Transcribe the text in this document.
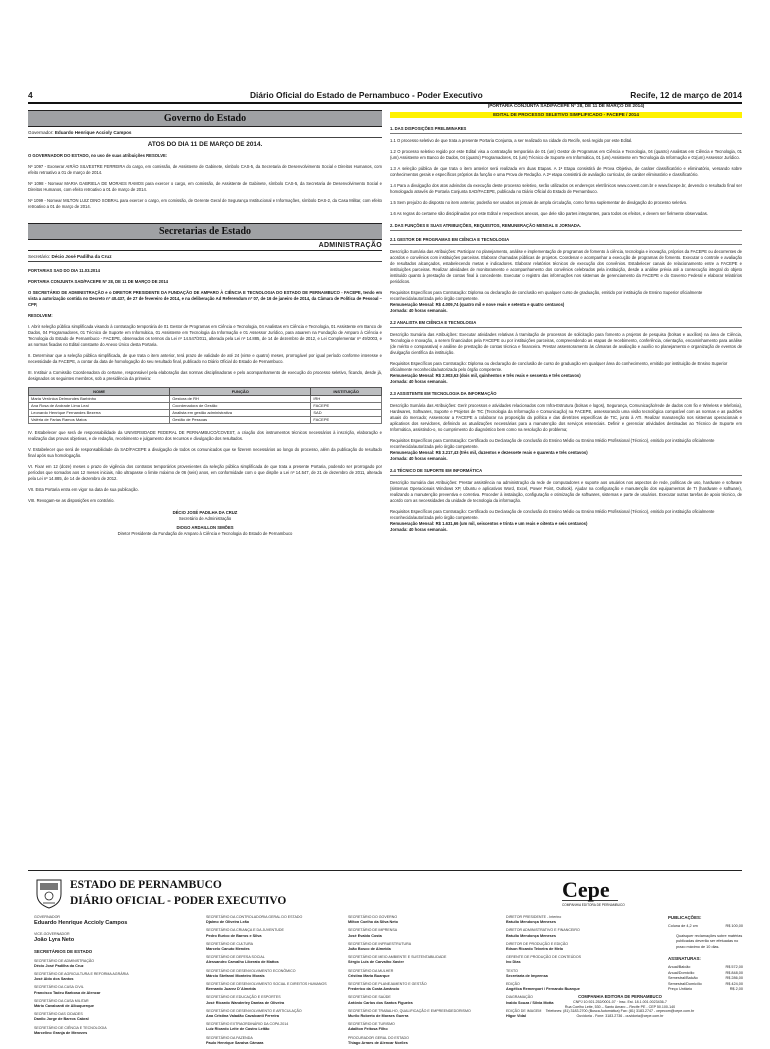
4	Diário Oficial do Estado de Pernambuco - Poder Executivo	Recife, 12 de março de 2014
Governo do Estado
Governador: Eduardo Henrique Accioly Campos
ATOS DO DIA 11 DE MARÇO DE 2014.

O GOVERNADOR DO ESTADO, no uso de suas atribuições RESOLVE:

Nº 1097 - Exonerar AIRÃO SILVESTRE FERREIRA do cargo, em comissão, de Assistente de Gabinete, símbolo CAS-5, da Secretaria de Desenvolvimento Social e Direitos Humanos, com efeito retroativo a 01 de março de 2014.

Nº 1098 - Nomear MARIA GABRIELA DE MORAES RAMOS para exercer o cargo, em comissão, de Assistente de Gabinete, símbolo CAS-5, da Secretaria de Desenvolvimento Social e Direitos Humanos, com efeito retroativo a 01 de março de 2014.

Nº 1099 - Nomear MILTON LUIZ DINO SOBRAL para exercer o cargo, em comissão, de Gerente Geral de Segurança Institucional e Informações, símbolo DAS-2, da Casa Militar, com efeito retroativo a 01 de março de 2014.

Secretarias de Estado
ADMINISTRAÇÃO
Secretário: Décio José Padilha da Cruz

PORTARIAS SAD DO DIA 11.03.2014

PORTARIA CONJUNTA SAD/FACEPE Nº 28, DE 11 DE MARÇO DE 2014

O SECRETÁRIO DE ADMINISTRAÇÃO e o DIRETOR PRESIDENTE DA FUNDAÇÃO DE AMPARO À CIÊNCIA E TECNOLOGIA DO ESTADO DE PERNAMBUCO - FACEPE, tendo em vista a autorização contida no Decreto nº 40.437, de 27 de fevereiro de 2014, e na deliberação Ad Referendum nº 07, de 16 de janeiro de 2014, da Câmara de Política de Pessoal – CPP,

RESOLVEM:

I. Abrir seleção pública simplificada visando à contratação temporária de 01 Gestor de Programas em Ciência e Tecnologia, 04 Analistas em Ciência e Tecnologia, 01 Assistente em Banco de Dados, 04 Programadores, 01 Técnico de Suporte em Informática, 01 Assistente em Tecnologia da Informação e 01 Assessor Jurídico, para atuarem na Fundação de Amparo à Ciência e Tecnologia do Estado de Pernambuco - FACEPE, observados os termos da Lei nº 14.547/2011, alterada pela Lei nº 14.885, de 14 de dezembro de 2012, e Lei Complementar nº 49/2003, e as normas fixadas no Edital constante do Anexo Único desta Portaria.

II. Determinar que a seleção pública simplificada, de que trata o item anterior, terá prazo de validade de até 24 (vinte e quatro) meses, prorrogável por igual período conforme interesse e necessidade da FACEPE, a contar da data de homologação do seu resultado final, publicado no Diário Oficial do Estado de Pernambuco.

III. Instituir a Comissão Coordenadora do certame, responsável pela elaboração das normas disciplinadoras e pelo acompanhamento de execução do processo seletivo, ficando, desde já, designados os seguintes membros, sob a presidência da primeira:

NOME	FUNÇÃO	INSTITUIÇÃO
Maria Verônica Delmondes Barbinho	Gestora de RH	IRH
Ana Rosa de Andrade Lima Leal	Coordenadora de Gestão	FACEPE
Leonardo Henrique Fernandes Bezerra	Analista em gestão administrativa	SAD
Valéria de Farias Ramos Matos	Gestão de Pessoas	FACEPE

IV. Estabelecer que será de responsabilidade da UNIVERSIDADE FEDERAL DE PERNAMBUCO/COVEST, a criação dos instrumentos técnicos necessários à inscrição, elaboração e realização das provas objetivas, e de redação, recebimento e julgamento dos recursos e divulgação dos resultados.

V. Estabelecer que será de responsabilidade da SAD/FACEPE a divulgação de todos os comunicados que se fizerem necessários ao longo do processo, além da publicação do resultado final após sua homologação.

VI. Fixar em 12 (doze) meses o prazo de vigência dos contratos temporários provenientes da seleção pública simplificada de que trata a presente Portaria, podendo ser prorrogado por períodos que somados aos 12 meses iniciais, não ultrapasse o limite máximo de 06 (seis) anos, em conformidade com o que dispõe a Lei nº 14.547, de 21 de dezembro de 2011, alterada pela Lei nº 14.885, de 14 de dezembro de 2012.

VII. Esta Portaria entra em vigor na data de sua publicação.

VIII. Revogam-se as disposições em contrário.

DÉCIO JOSÉ PADILHA DA CRUZ
Secretário de Administração
DIOGO ARDAILLON SIMÕES
Diretor Presidente da Fundação de Amparo à Ciência e Tecnologia do Estado de Pernambuco
(PORTARIA CONJUNTA SAD/FACEPE Nº 28, DE 11 DE MARÇO DE 2014)
EDITAL DE PROCESSO SELETIVO SIMPLIFICADO - FACEPE / 2014
1. DAS DISPOSIÇÕES PRELIMINARES

1.1 O processo seletivo de que trata a presente Portaria Conjunta, a ser realizado na cidade do Recife, será regido por este Edital.

1.2 O processo seletivo regido por este Edital visa a contratação temporária de 01 (um) Gestor de Programas em Ciência e Tecnologia, 04 (quatro) Analistas em Ciência e Tecnologia, 01 (um) Assistente em Banco de Dados, 04 (quatro) Programadores, 01 (um) Técnico de Suporte em Informática, 01 (um) Assistente em Tecnologia da Informação e 01(um) Assessor Jurídico.

1.3 A seleção pública de que trata o item anterior será realizada em duas Etapas. A 1ª Etapa consistirá de Prova Objetiva, de caráter classificatório e eliminatório, versando sobre conhecimentos gerais e específicos próprios da função e uma Prova de Redação. A 2ª etapa consistirá de avaliação curricular, de caráter eliminatório e classificatório.

1.4 Para a divulgação dos atos advindos da execução deste processo seletivo, serão utilizados os endereços eletrônicos www.covest.com.br e www.facepe.br, devendo o resultado final ser homologado através de Portaria Conjunta SAD/FACEPE, publicada no Diário Oficial do Estado de Pernambuco.

1.5 Sem prejuízo do disposto no item anterior, poderão ser usados os jornais de ampla circulação, como forma suplementar de divulgação do processo seletivo.

1.6 As regras do certame são disciplinadas por este Edital e respectivos anexos, que dele são partes integrantes, para todos os efeitos, e devem ser fielmente observadas.

2. DAS FUNÇÕES E SUAS ATRIBUIÇÕES, REQUISITOS, REMUNERAÇÃO MENSAL E JORNADA.
2.1 GESTOR DE PROGRAMAS EM CIÊNCIA E TECNOLOGIA

Descrição Sumária das Atribuições: Participar no planejamento, análise e implementação de programas de fomento à ciência, tecnologia e inovação, próprios da FACEPE ou decorrentes de acordos e convênios com instituições parceiras. Elaborar chamadas públicas de projetos. Coordenar e acompanhar a execução de programas de fomento. Executar o controle e avaliação de resultados alcançados, estabelecendo metas e indicadores. Elaborar relatórios técnicos de execução dos convênios. Estabelecer canais de relacionamento entre a FACEPE e instituições parceiras. Realizar atividades de monitoramento e acompanhamento dos convênios celebrados pela instituição, desde a análise prévia até a consecução integral do objeto instituído quanto à prestação de contas final à concedente. Executar o registro das informações nos sistemas de gerenciamento da FACEPE e do Governo Federal e elaborar relatórios periódicos.

Requisitos Específicos para Contratação: Diploma ou declaração de conclusão em qualquer curso de graduação, emitido por instituição de Ensino Superior oficialmente reconhecida/autorizada pelo órgão competente.
Remuneração Mensal: R$ 4.009,74 (quatro mil e nove reais e setenta e quatro centavos)
Jornada: 40 horas semanais.
2.2 ANALISTA EM CIÊNCIA E TECNOLOGIA

Descrição Sumária das Atribuições: Executar atividades relativas à tramitação de processos de solicitação para fomento a projetos de pesquisa (bolsas e auxílios) na área de Ciência, Tecnologia e Inovação, a serem financiados pela FACEPE ou por instituições parceiras, compreendendo as etapas de recebimento, conferência, orientação, encaminhamento para análise (de mérito e comparativa) e análise de prestação de contas técnica e financeira. Prestar assessoramento às câmaras de avaliação e auxílio no planejamento e organização de eventos de divulgação científica da instituição.

Requisitos Específicos para Contratação: Diploma ou declaração de conclusão de curso de graduação em qualquer área do conhecimento, emitido por instituição de Ensino Superior oficialmente reconhecida/autorizada pelo órgão competente.
Remuneração Mensal: R$ 2.903,63 (dois mil, quinhentos e três reais e sessenta e três centavos)
Jornada: 40 horas semanais.
2.3 ASSISTENTE EM TECNOLOGIA DA INFORMAÇÃO

Descrição Sumária das Atribuições: Gerir processos e atividades relacionados com Infra-Estrutura (bolsas e logos), Segurança, Comunicação/rede de dados com fio e Wireless e telefonia), Hardwares, Softwares, Suporte e Projetos de TIC (Tecnologia da Informação e Comunicação) na FACEPE, assessorando uma visão tecnológica compatível com as normas e as padrões atuais do mercado; Assessorar a FACEPE a colaborar na proposição da política e das diretrizes específicas de TIC, junto à ATI. Realizar manutenção nos sistemas operacionais e aplicativos dos servidores, definindo as atualizações necessárias para a manutenção dos serviços essenciais. Definir e gerenciar atividades destinadas ao Técnico de Suporte em Informática, assistindo-o, no cumprimento do diagnóstico bem como na resolução do problema;

Requisitos Específicos para Contratação: Certificado ou Declaração de conclusão do Ensino Médio ou Ensino Médio Profissional (Técnico), emitido por instituição oficialmente reconhecida/autorizada pelo órgão competente.
Remuneração Mensal: R$ 3.217,43 (três mil, duzentos e dezessete reais e quarenta e três centavos)
Jornada: 40 horas semanais.
2.4 TÉCNICO DE SUPORTE EM INFORMÁTICA

Descrição Sumária das Atribuições: Prestar assistência na administração da rede de computadores e suporte aos usuários nos aspectos de rede, políticas de uso, hardware e software (sistemas Operacionais Windows XP, Ubuntu e aplicativos Word, Excel, Power Point, Outlook). Ajudar na configuração e manutenção dos equipamentos de TI (hardware e software), realizando a manutenção preventiva e corretiva. Proceder à instalação, configuração e otimização de softwares, sistemas e parte de usuários. Executar outras tarefas de apoio técnico, de acordo com as necessidades da unidade de tecnologia da informação.

Requisitos Específicos para Contratação: Certificado ou Declaração de conclusão do Ensino Médio ou Ensino Médio Profissional (Técnico), emitido por instituição oficialmente reconhecida/autorizada pelo órgão competente.
Remuneração Mensal: R$ 1.631,66 (um mil, seiscentos e trinta e um reais e oitenta e seis centavos)
Jornada: 40 horas semanais.
ESTADO DE PERNAMBUCO
DIÁRIO OFICIAL - PODER EXECUTIVO	Cepe
COMPANHIA EDITORA DE PERNAMBUCO
GOVERNADOR
Eduardo Henrique Accioly Campos
VICE-GOVERNADOR
João Lyra Neto
SECRETÁRIOS DE ESTADO
SECRETÁRIO DE ADMINISTRAÇÃO
Décio José Padilha da Cruz
SECRETÁRIO DE AGRICULTURA E REFORMA AGRÁRIA
José Aldo dos Santos
SECRETÁRIO DA CASA CIVIL
Francisco Tadeu Barbosa de Alencar
SECRETÁRIO DA CASA MILITAR
Mário Cavalcanti de Albuquerque
SECRETÁRIO DAS CIDADES
Danilo Jorge de Barros Cabral
SECRETÁRIO DE CIÊNCIA E TECNOLOGIA
Marcelino Granja de Menezes
SECRETÁRIO DA CONTROLADORIA GERAL DO ESTADO
Djalmo de Oliveira Leão
SECRETÁRIO DA CRIANÇA E DA JUVENTUDE
Pedro Eurico de Barros e Silva
SECRETÁRIO DE CULTURA
Marcelo Canuto Mendes
SECRETÁRIO DE DEFESA SOCIAL
Alessandro Carvalho Liberato de Mattos
SECRETÁRIO DE DESENVOLVIMENTO ECONÔMICO
Márcio Stefanni Monteiro Morais
SECRETÁRIO DE DESENVOLVIMENTO SOCIAL E DIREITOS HUMANOS
Bernardo Juarez D´Almeida
SECRETÁRIO DE EDUCAÇÃO E ESPORTES
José Ricardo Wanderley Dantas de Oliveira
SECRETÁRIO DE DESENVOLVIMENTO E ARTICULAÇÃO
Ana Cristina Valadão Cavalcanti Ferreira
SECRETÁRIO EXTRAORDINÁRIO DA COPA 2014
Luiz Ricardo Leite de Castro Leitão
SECRETÁRIO DA FAZENDA
Paulo Henrique Saraiva Câmara
SECRETÁRIO DO GOVERNO
Milton Coelho da Silva Neto
SECRETÁRIO DE IMPRENSA
José Evaldo Costa
SECRETÁRIO DE INFRAESTRUTURA
João Bosco de Almeida
SECRETÁRIO DE MEIO AMBIENTE E SUSTENTABILIDADE
Sérgio Luis de Carvalho Xavier
SECRETÁRIO DA MULHER
Cristina Maria Buarque
SECRETÁRIO DE PLANEJAMENTO E GESTÃO
Frederico da Costa Amâncio
SECRETÁRIO DE SAÚDE
Antônio Carlos dos Santos Figueira
SECRETÁRIO DE TRABALHO, QUALIFICAÇÃO E EMPREENDEDORISMO
Murilo Roberto de Moraes Guerra
SECRETÁRIO DE TURISMO
Adailton Feitosa Filho
PROCURADOR GERAL DO ESTADO
Thiago Arraes de Alencar Norões
DIRETOR PRESIDENTE - Interino
Bráulio Mendonça Meneses
DIRETOR ADMINISTRATIVO E FINANCEIRO
Bráulio Mendonça Meneses
DIRETOR DE PRODUÇÃO E EDIÇÃO
Edson Ricardo Teixeira de Melo
GERENTE DE PRODUÇÃO DE CONTEÚDOS
Ivo Dias
TEXTO
Secretaria de Imprensa
EDIÇÃO
Angélica Remenport / Fernando Buarque
DIAGRAMAÇÃO
Ivaldo Souza / Silvia Motta
EDIÇÃO DE IMAGEM
Higor Vidal
PUBLICAÇÕES:
Coluna de 4,2 cm	R$ 100,00
Quaisquer reclamações sobre matérias publicadas deverão ser efetuadas no prazo máximo de 10 dias.
ASSINATURAS:
Anual/Balcão	R$ 572,00
Anual/Domicílio	R$ 848,00
Semestral/Balcão	R$ 286,00
Semestral/Domicílio	R$ 424,00
Preço Unitário	R$ 2,00
COMPANHIA EDITORA DE PERNAMBUCO
CNPJ 10.921.252/0001-07 · Insc. Est. 18.1.001.0023436-7
Rua Coelho Leite, 530 – Santo Amaro – Recife PE - CEP 50.100-140
Telefones: (81) 3183.2700 (Busca Automática) Fax: (81) 3183.2747 - cepecom@cepe.com.br
Ouvidoria - Fone: 3183.2736 - ouvidoria@cepe.com.br
